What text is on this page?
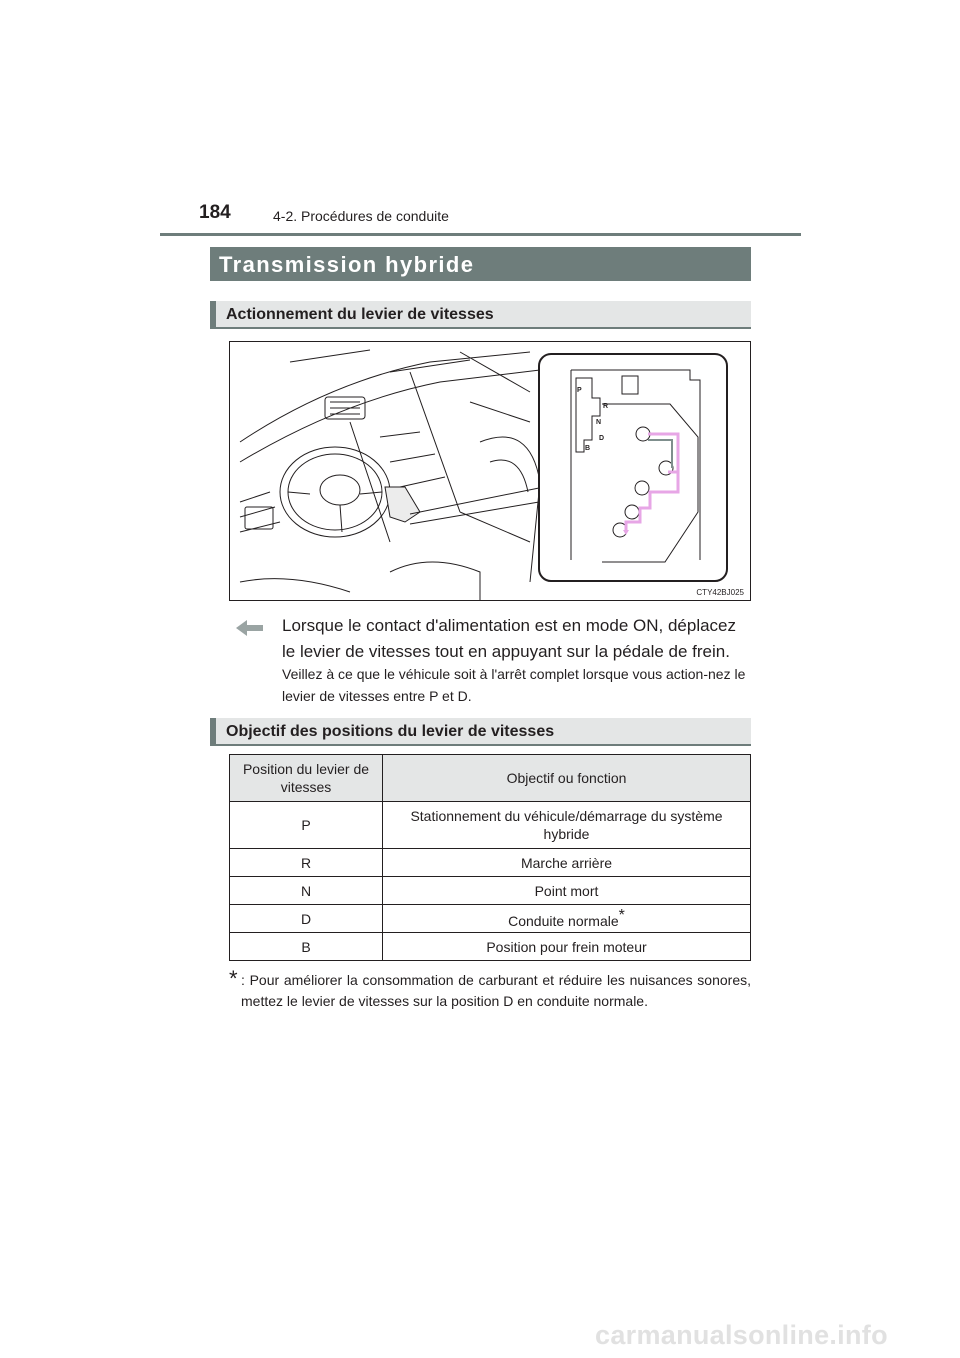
184	4-2. Procédures de conduite
Transmission hybride
Actionnement du levier de vitesses
P
R
N
D
B
CTY42BJ025
Lorsque le contact d'alimentation est en mode ON, déplacez le levier de vitesses tout en appuyant sur la pédale de frein.
Veillez à ce que le véhicule soit à l'arrêt complet lorsque vous action-nez le levier de vitesses entre P et D.
Objectif des positions du levier de vitesses
Position du levier de vitesses	Objectif ou fonction
P	Stationnement du véhicule/démarrage du système hybride
R	Marche arrière
N	Point mort
D	Conduite normale*
B	Position pour frein moteur
* : Pour améliorer la consommation de carburant et réduire les nuisances sonores, mettez le levier de vitesses sur la position D en conduite normale.
carmanualsonline.info
